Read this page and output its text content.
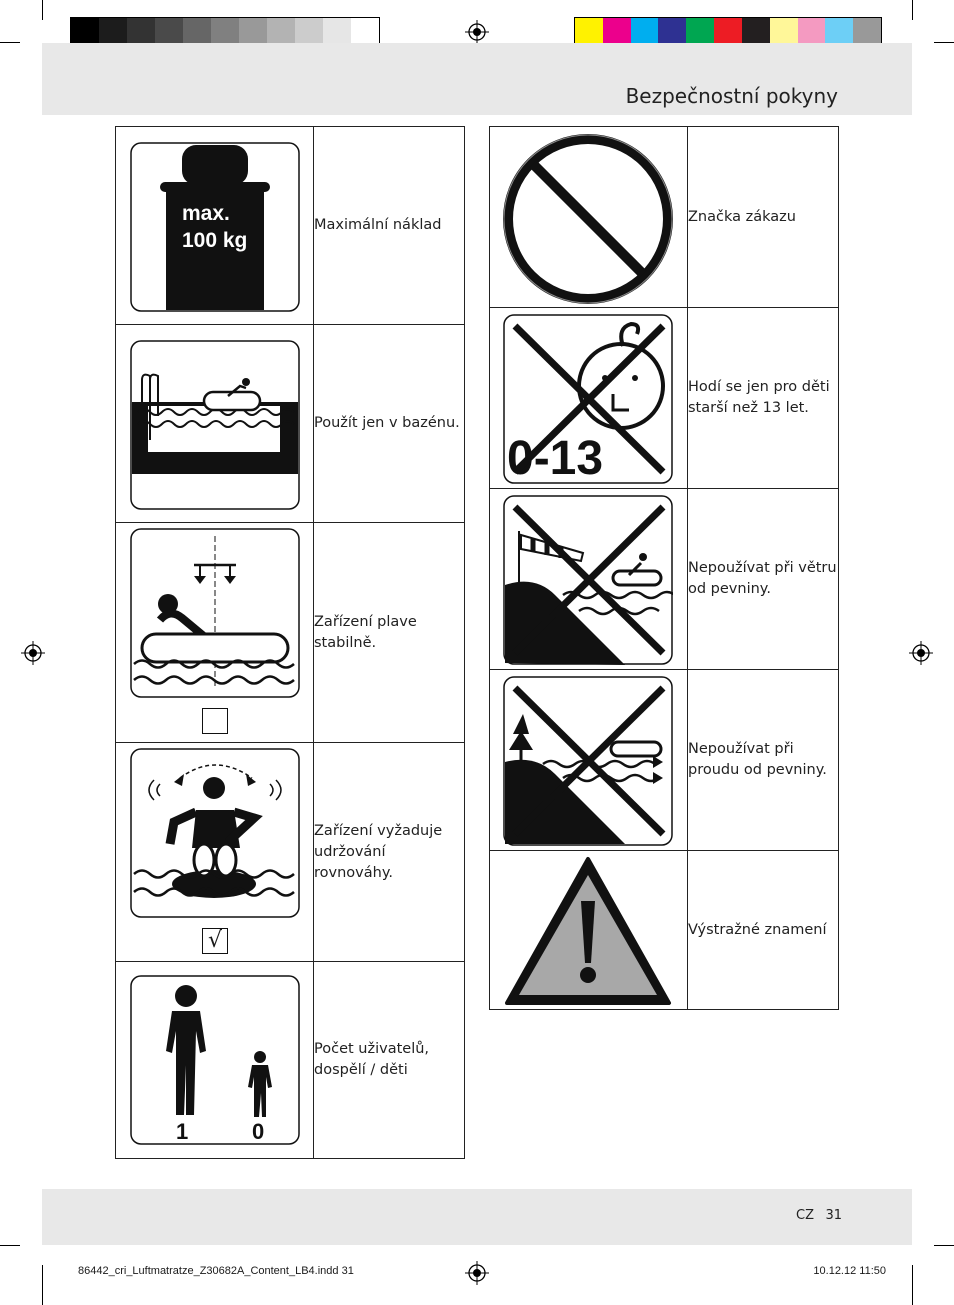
Bezpečnostní pokyny
max.
100 kg	Maximální náklad

	Použít jen v bazénu.

	Zařízení plave stabilně.

√	Zařízení vyžaduje udržování rovnováhy.

1 0	Počet uživatelů, dospělí / děti
	Značka zákazu

0-13	Hodí se jen pro děti starší než 13 let.

	Nepoužívat při větru od pevniny.

	Nepoužívat při proudu od pevniny.

	Výstražné znamení
CZ 31
86442_cri_Luftmatratze_Z30682A_Content_LB4.indd 31	10.12.12 11:50
